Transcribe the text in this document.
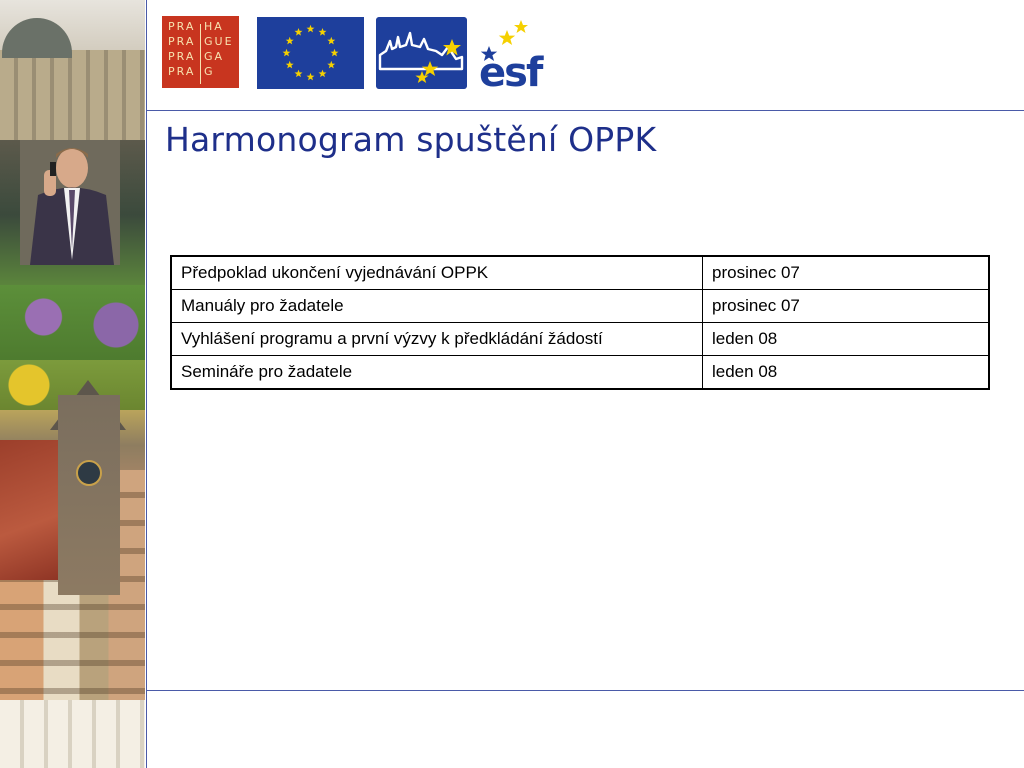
PRA
PRA
PRA
PRA
HA
GUE
GA
G	esf
Harmonogram spuštění OPPK
Předpoklad ukončení vyjednávání OPPK	prosinec 07
Manuály pro žadatele	prosinec 07
Vyhlášení programu a první výzvy k předkládání žádostí	leden 08
Semináře pro žadatele	leden 08
